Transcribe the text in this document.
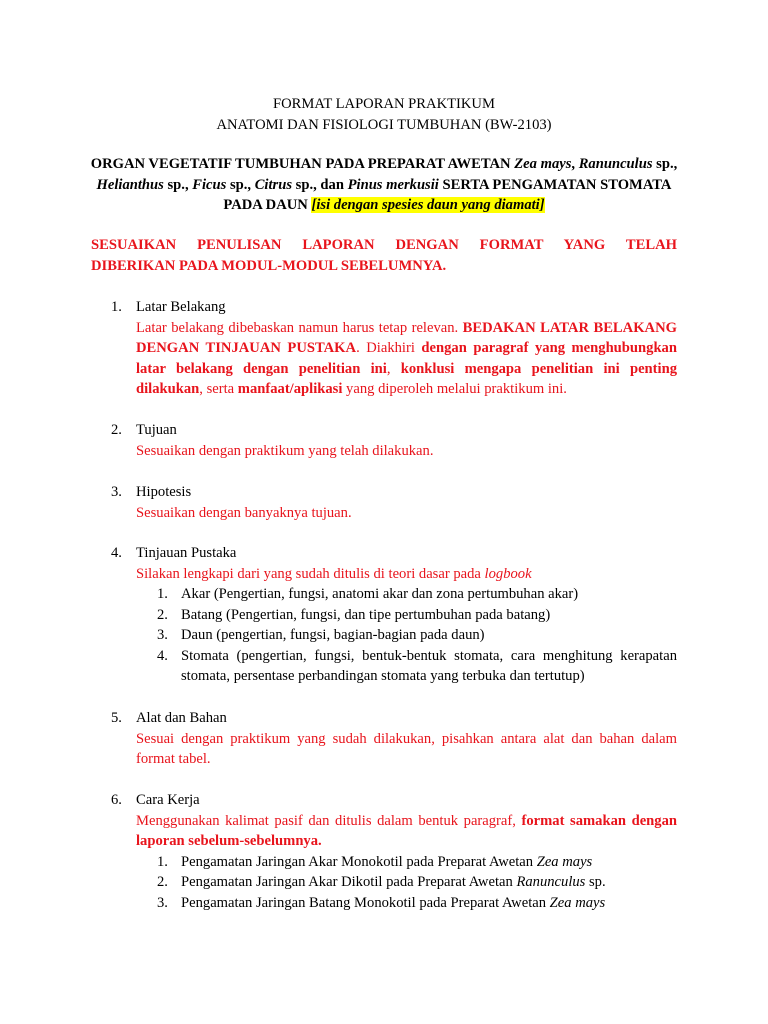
FORMAT LAPORAN PRAKTIKUM
ANATOMI DAN FISIOLOGI TUMBUHAN (BW-2103)
ORGAN VEGETATIF TUMBUHAN PADA PREPARAT AWETAN Zea mays, Ranunculus sp., Helianthus sp., Ficus sp., Citrus sp., dan Pinus merkusii SERTA PENGAMATAN STOMATA PADA DAUN [isi dengan spesies daun yang diamati]
SESUAIKAN PENULISAN LAPORAN DENGAN FORMAT YANG TELAH
DIBERIKAN PADA MODUL-MODUL SEBELUMNYA.
1. Latar Belakang
Latar belakang dibebaskan namun harus tetap relevan. BEDAKAN LATAR BELAKANG DENGAN TINJAUAN PUSTAKA. Diakhiri dengan paragraf yang menghubungkan latar belakang dengan penelitian ini, konklusi mengapa penelitian ini penting dilakukan, serta manfaat/aplikasi yang diperoleh melalui praktikum ini.
2. Tujuan
Sesuaikan dengan praktikum yang telah dilakukan.
3. Hipotesis
Sesuaikan dengan banyaknya tujuan.
4. Tinjauan Pustaka
Silakan lengkapi dari yang sudah ditulis di teori dasar pada logbook
1. Akar (Pengertian, fungsi, anatomi akar dan zona pertumbuhan akar)
2. Batang (Pengertian, fungsi, dan tipe pertumbuhan pada batang)
3. Daun (pengertian, fungsi, bagian-bagian pada daun)
4. Stomata (pengertian, fungsi, bentuk-bentuk stomata, cara menghitung kerapatan stomata, persentase perbandingan stomata yang terbuka dan tertutup)
5. Alat dan Bahan
Sesuai dengan praktikum yang sudah dilakukan, pisahkan antara alat dan bahan dalam format tabel.
6. Cara Kerja
Menggunakan kalimat pasif dan ditulis dalam bentuk paragraf, format samakan dengan laporan sebelum-sebelumnya.
1. Pengamatan Jaringan Akar Monokotil pada Preparat Awetan Zea mays
2. Pengamatan Jaringan Akar Dikotil pada Preparat Awetan Ranunculus sp.
3. Pengamatan Jaringan Batang Monokotil pada Preparat Awetan Zea mays
